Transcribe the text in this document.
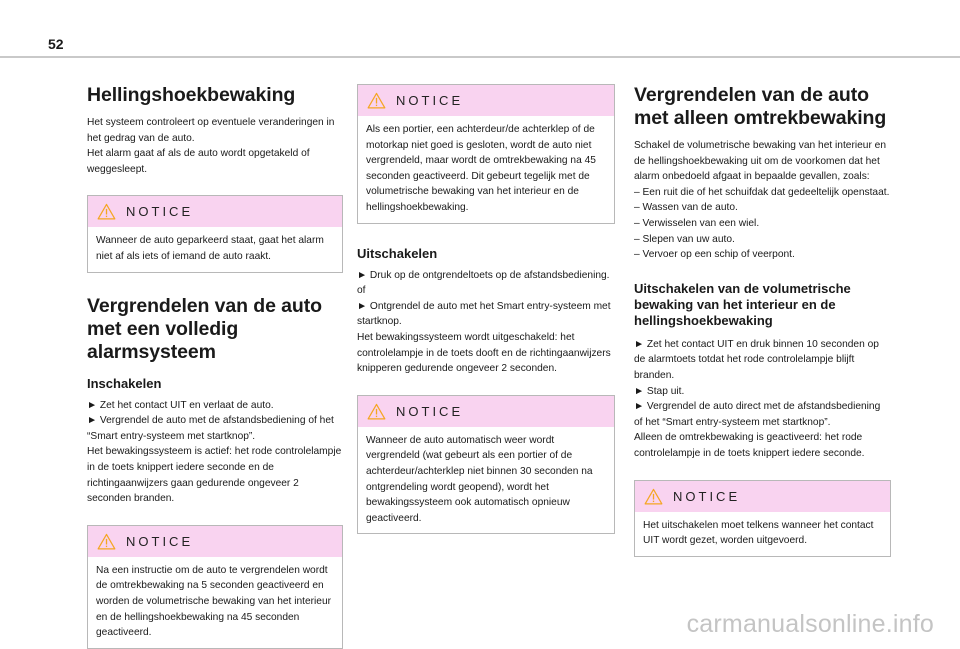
52
Hellingshoekbewaking

Het systeem controleert op eventuele veranderingen in het gedrag van de auto.

Het alarm gaat af als de auto wordt opgetakeld of weggesleept.

NOTICE
Wanneer de auto geparkeerd staat, gaat het alarm niet af als iets of iemand de auto raakt.
Vergrendelen van de auto met een volledig alarmsysteem
Inschakelen

► Zet het contact UIT en verlaat de auto.

► Vergrendel de auto met de afstandsbediening of het “Smart entry-systeem met startknop”.

Het bewakingssysteem is actief: het rode controlelampje in de toets knippert iedere seconde en de richtingaanwijzers gaan gedurende ongeveer 2 seconden branden.

NOTICE
Na een instructie om de auto te vergrendelen wordt de omtrekbewaking na 5 seconden geactiveerd en worden de volumetrische bewaking van het interieur en de hellingshoekbewaking na 45 seconden geactiveerd.
NOTICE
Als een portier, een achterdeur/de achterklep of de motorkap niet goed is gesloten, wordt de auto niet vergrendeld, maar wordt de omtrekbewaking na 45 seconden geactiveerd. Dit gebeurt tegelijk met de volumetrische bewaking van het interieur en de hellingshoekbewaking.
Uitschakelen

► Druk op de ontgrendeltoets op de afstandsbediening.

of

► Ontgrendel de auto met het Smart entry-systeem met startknop.

Het bewakingssysteem wordt uitgeschakeld: het controlelampje in de toets dooft en de richtingaanwijzers knipperen gedurende ongeveer 2 seconden.

NOTICE
Wanneer de auto automatisch weer wordt vergrendeld (wat gebeurt als een portier of de achterdeur/achterklep niet binnen 30 seconden na ontgrendeling wordt geopend), wordt het bewakingssysteem ook automatisch opnieuw geactiveerd.
Vergrendelen van de auto met alleen omtrekbewaking

Schakel de volumetrische bewaking van het interieur en de hellingshoekbewaking uit om de voorkomen dat het alarm onbedoeld afgaat in bepaalde gevallen, zoals:

– Een ruit die of het schuifdak dat gedeeltelijk openstaat.

– Wassen van de auto.

– Verwisselen van een wiel.

– Slepen van uw auto.

– Vervoer op een schip of veerpont.

Uitschakelen van de volumetrische bewaking van het interieur en de hellingshoekbewaking

► Zet het contact UIT en druk binnen 10 seconden op de alarmtoets totdat het rode controlelampje blijft branden.

► Stap uit.

► Vergrendel de auto direct met de afstandsbediening of het “Smart entry-systeem met startknop”.

Alleen de omtrekbewaking is geactiveerd: het rode controlelampje in de toets knippert iedere seconde.

NOTICE
Het uitschakelen moet telkens wanneer het contact UIT wordt gezet, worden uitgevoerd.
carmanualsonline.info
